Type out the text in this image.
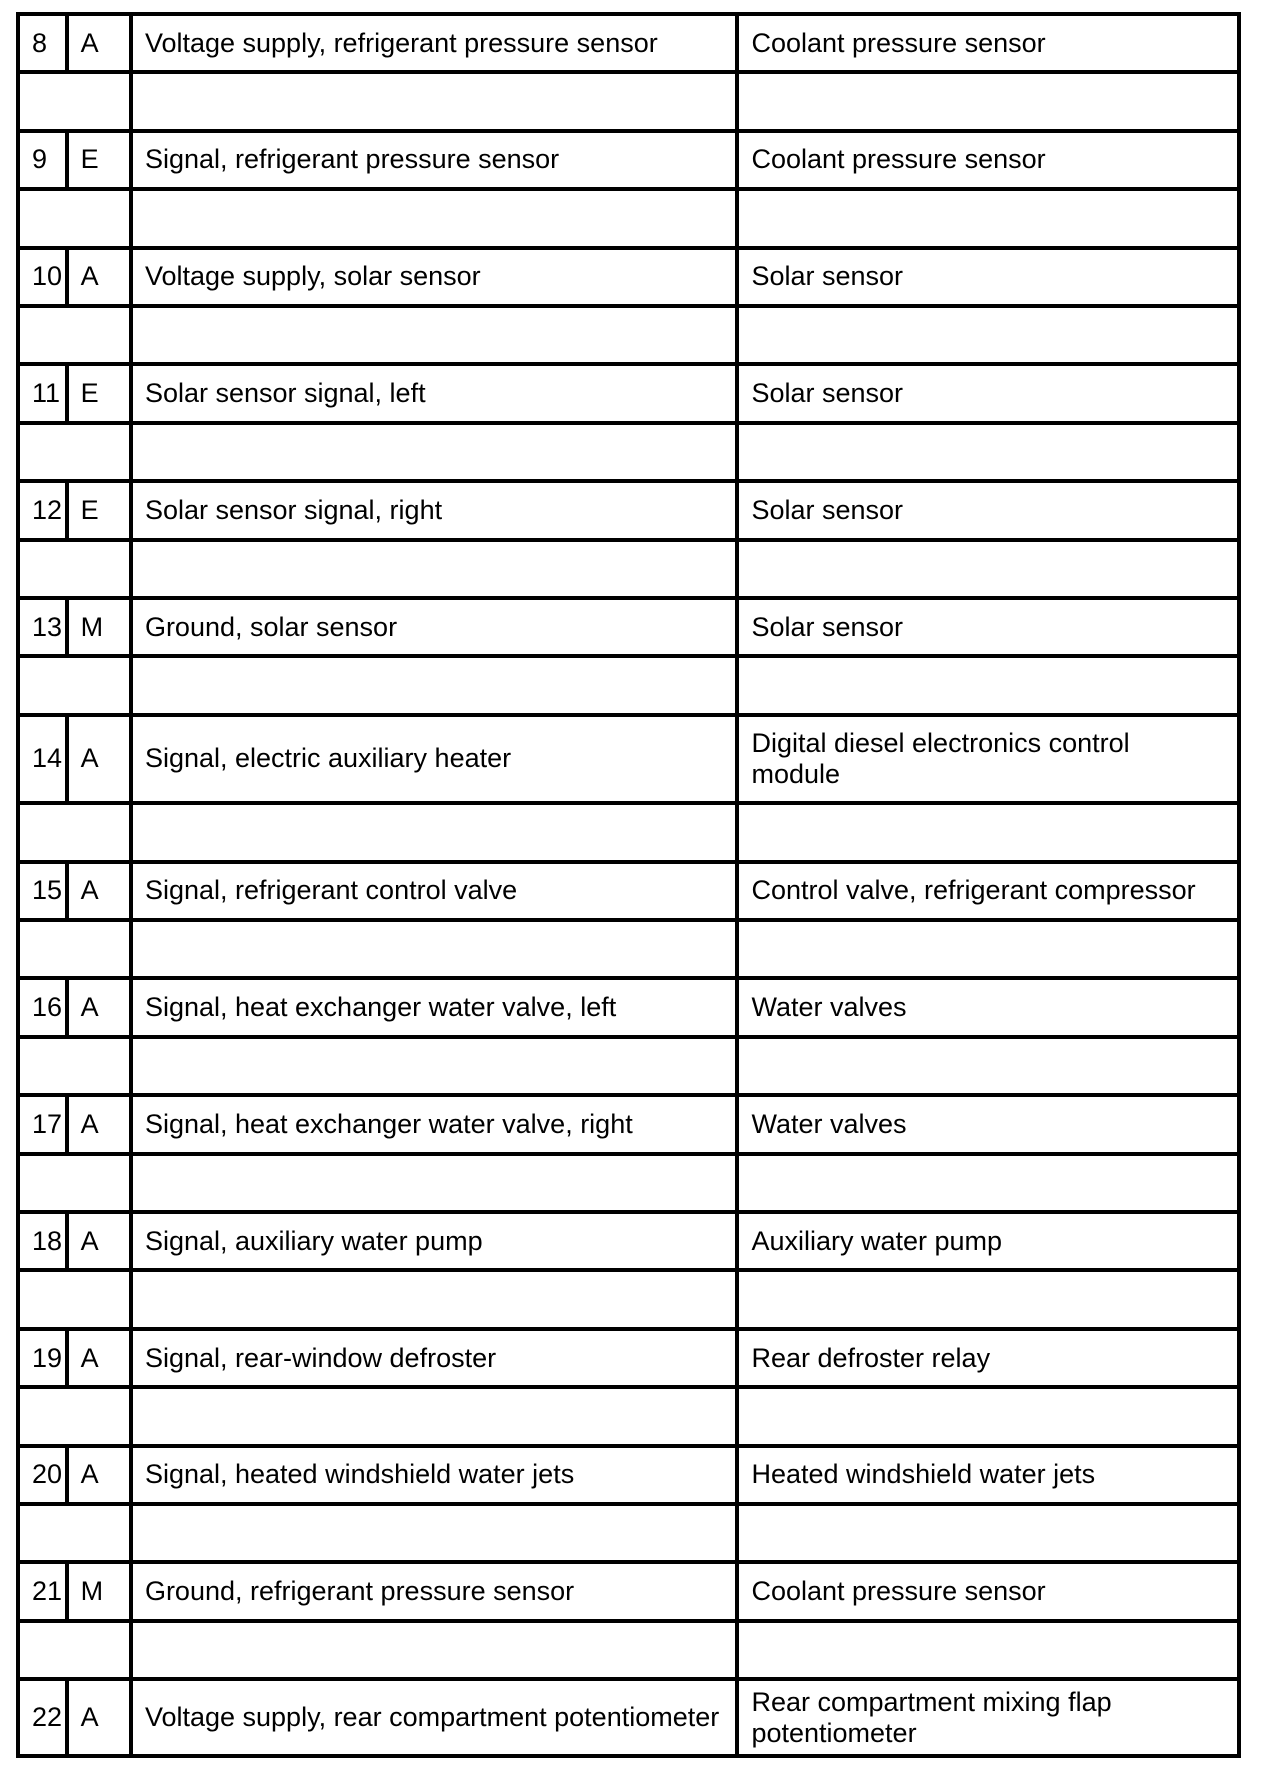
8	A	Voltage supply, refrigerant pressure sensor	Coolant pressure sensor

9	E	Signal, refrigerant pressure sensor	Coolant pressure sensor

10	A	Voltage supply, solar sensor	Solar sensor

11	E	Solar sensor signal, left	Solar sensor

12	E	Solar sensor signal, right	Solar sensor

13	M	Ground, solar sensor	Solar sensor

14	A	Signal, electric auxiliary heater	Digital diesel electronics control module

15	A	Signal, refrigerant control valve	Control valve, refrigerant compressor

16	A	Signal, heat exchanger water valve, left	Water valves

17	A	Signal, heat exchanger water valve, right	Water valves

18	A	Signal, auxiliary water pump	Auxiliary water pump

19	A	Signal, rear-window defroster	Rear defroster relay

20	A	Signal, heated windshield water jets	Heated windshield water jets

21	M	Ground, refrigerant pressure sensor	Coolant pressure sensor

22	A	Voltage supply, rear compartment potentiometer	Rear compartment mixing flap potentiometer
